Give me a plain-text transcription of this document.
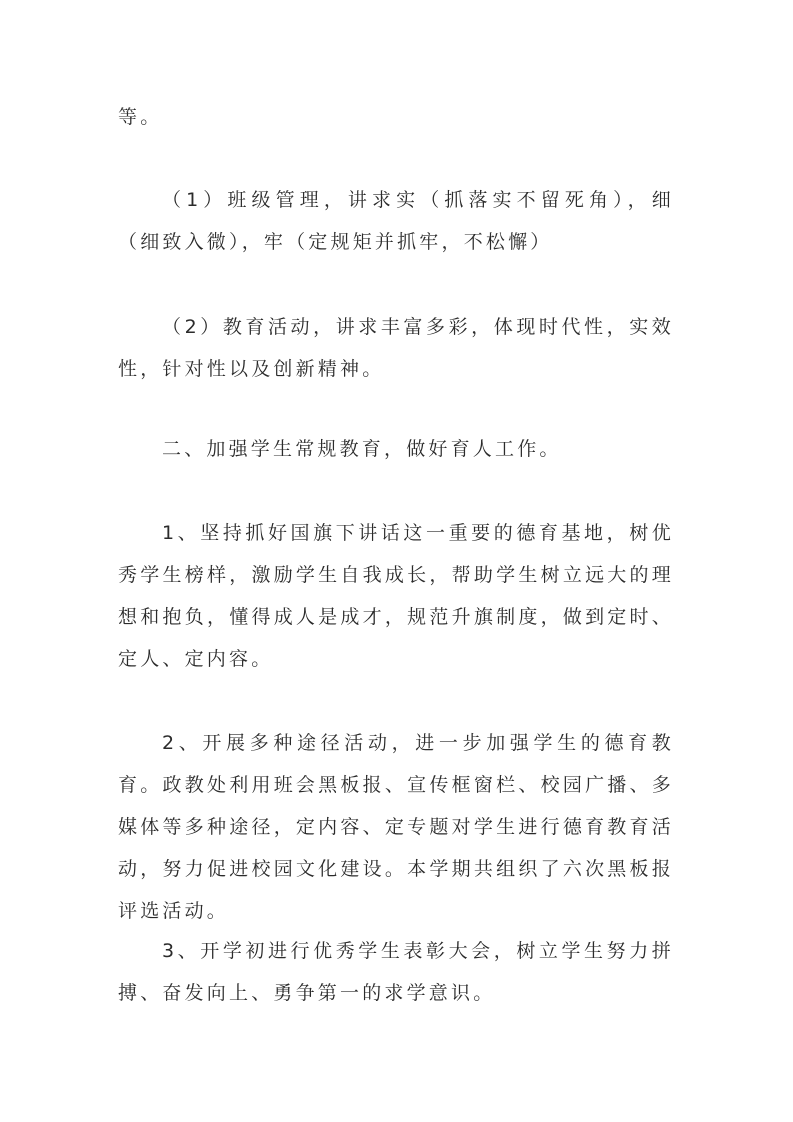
等。

（1）班级管理，讲求实（抓落实不留死角），细（细致入微），牢（定规矩并抓牢，不松懈）

（2）教育活动，讲求丰富多彩，体现时代性，实效性，针对性以及创新精神。

二、加强学生常规教育，做好育人工作。

1、坚持抓好国旗下讲话这一重要的德育基地，树优秀学生榜样，激励学生自我成长，帮助学生树立远大的理想和抱负，懂得成人是成才，规范升旗制度，做到定时、定人、定内容。

2、开展多种途径活动，进一步加强学生的德育教育。政教处利用班会黑板报、宣传框窗栏、校园广播、多媒体等多种途径，定内容、定专题对学生进行德育教育活动，努力促进校园文化建设。本学期共组织了六次黑板报评选活动。

3、开学初进行优秀学生表彰大会，树立学生努力拼搏、奋发向上、勇争第一的求学意识。
